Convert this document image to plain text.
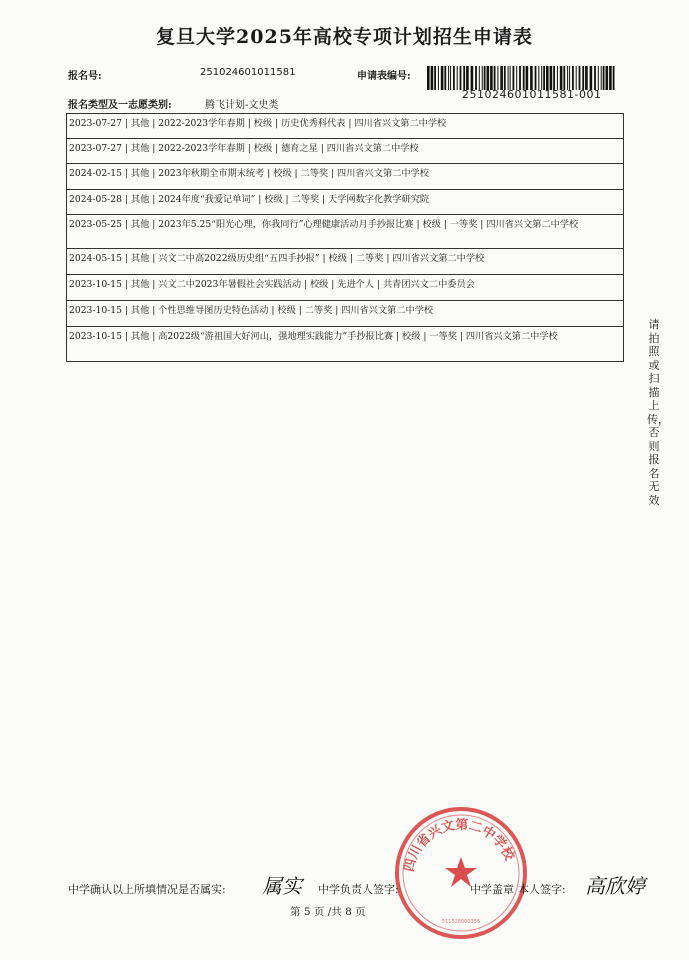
复旦大学2025年高校专项计划招生申请表
报名号:	251024601011581	申请表编号:
251024601011581-001
报名类型及一志愿类别:	腾飞计划-文史类
2023-07-27 | 其他 | 2022-2023学年春期 | 校级 | 历史优秀科代表 | 四川省兴文第二中学校
2023-07-27 | 其他 | 2022-2023学年春期 | 校级 | 德育之星 | 四川省兴文第二中学校
2024-02-15 | 其他 | 2023年秋期全市期末统考 | 校级 | 二等奖 | 四川省兴文第二中学校
2024-05-28 | 其他 | 2024年度“我爱记单词” | 校级 | 二等奖 | 天学网数字化教学研究院
2023-05-25 | 其他 | 2023年5.25“阳光心理，你我同行”心理健康活动月手抄报比赛 | 校级 | 一等奖 | 四川省兴文第二中学校
2024-05-15 | 其他 | 兴文二中高2022级历史组“五四手抄报” | 校级 | 二等奖 | 四川省兴文第二中学校
2023-10-15 | 其他 | 兴文二中2023年暑假社会实践活动 | 校级 | 先进个人 | 共青团兴文二中委员会
2023-10-15 | 其他 | 个性思维导图历史特色活动 | 校级 | 二等奖 | 四川省兴文第二中学校
2023-10-15 | 其他 | 高2022级“游祖国大好河山，强地理实践能力”手抄报比赛 | 校级 | 一等奖 | 四川省兴文第二中学校
请拍照或扫描上传，否则报名无效
四川省兴文第二中学校
511528000355
中学确认以上所填情况是否属实: 属实 中学负责人签字:	中学盖章 本人签字: 高欣婷
第 5 页 /共 8 页
